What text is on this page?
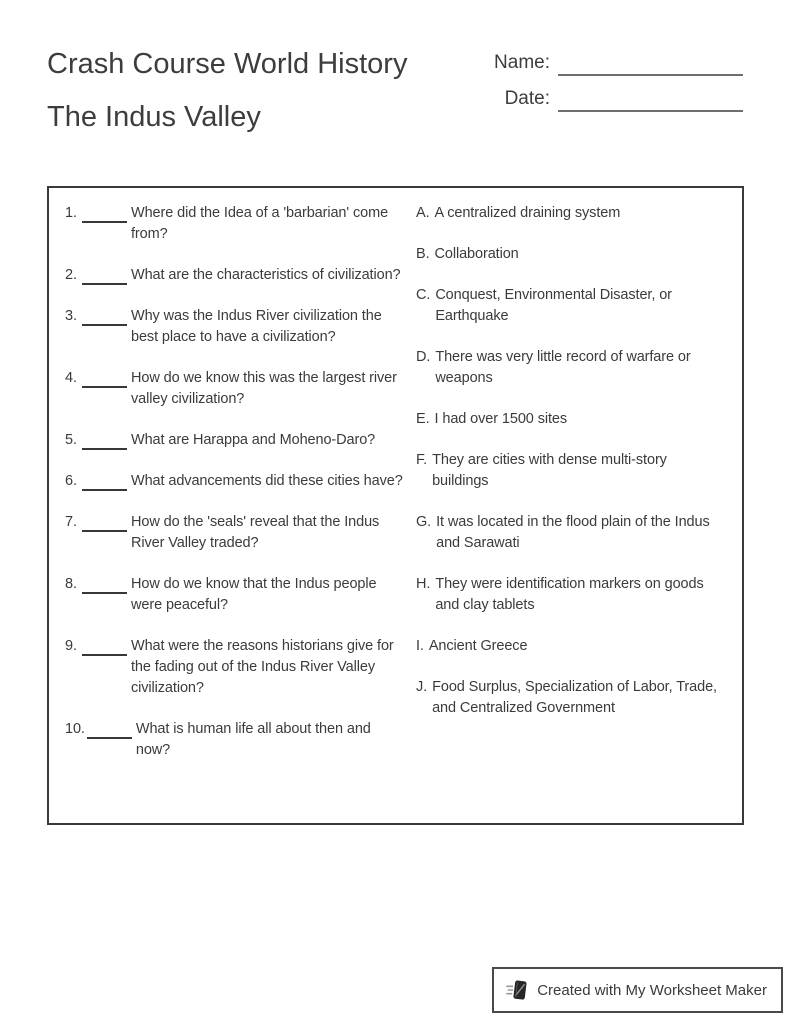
Crash Course World History
The Indus Valley
Name:
Date:
1.	Where did the Idea of a 'barbarian' come from?
2.	What are the characteristics of civilization?
3.	Why was the Indus River civilization the best place to have a civilization?
4.	How do we know this was the largest river valley civilization?
5.	What are Harappa and Moheno-Daro?
6.	What advancements did these cities have?
7.	How do the 'seals' reveal that the Indus River Valley traded?
8.	How do we know that the Indus people were peaceful?
9.	What were the reasons historians give for the fading out of the Indus River Valley civilization?
10.	What is human life all about then and now?
A. A centralized draining system
B. Collaboration
C. Conquest, Environmental Disaster, or Earthquake
D. There was very little record of warfare or weapons
E. I had over 1500 sites
F. They are cities with dense multi-story buildings
G. It was located in the flood plain of the Indus and Sarawati
H. They were identification markers on goods and clay tablets
I. Ancient Greece
J. Food Surplus, Specialization of Labor, Trade, and Centralized Government
Created with My Worksheet Maker
